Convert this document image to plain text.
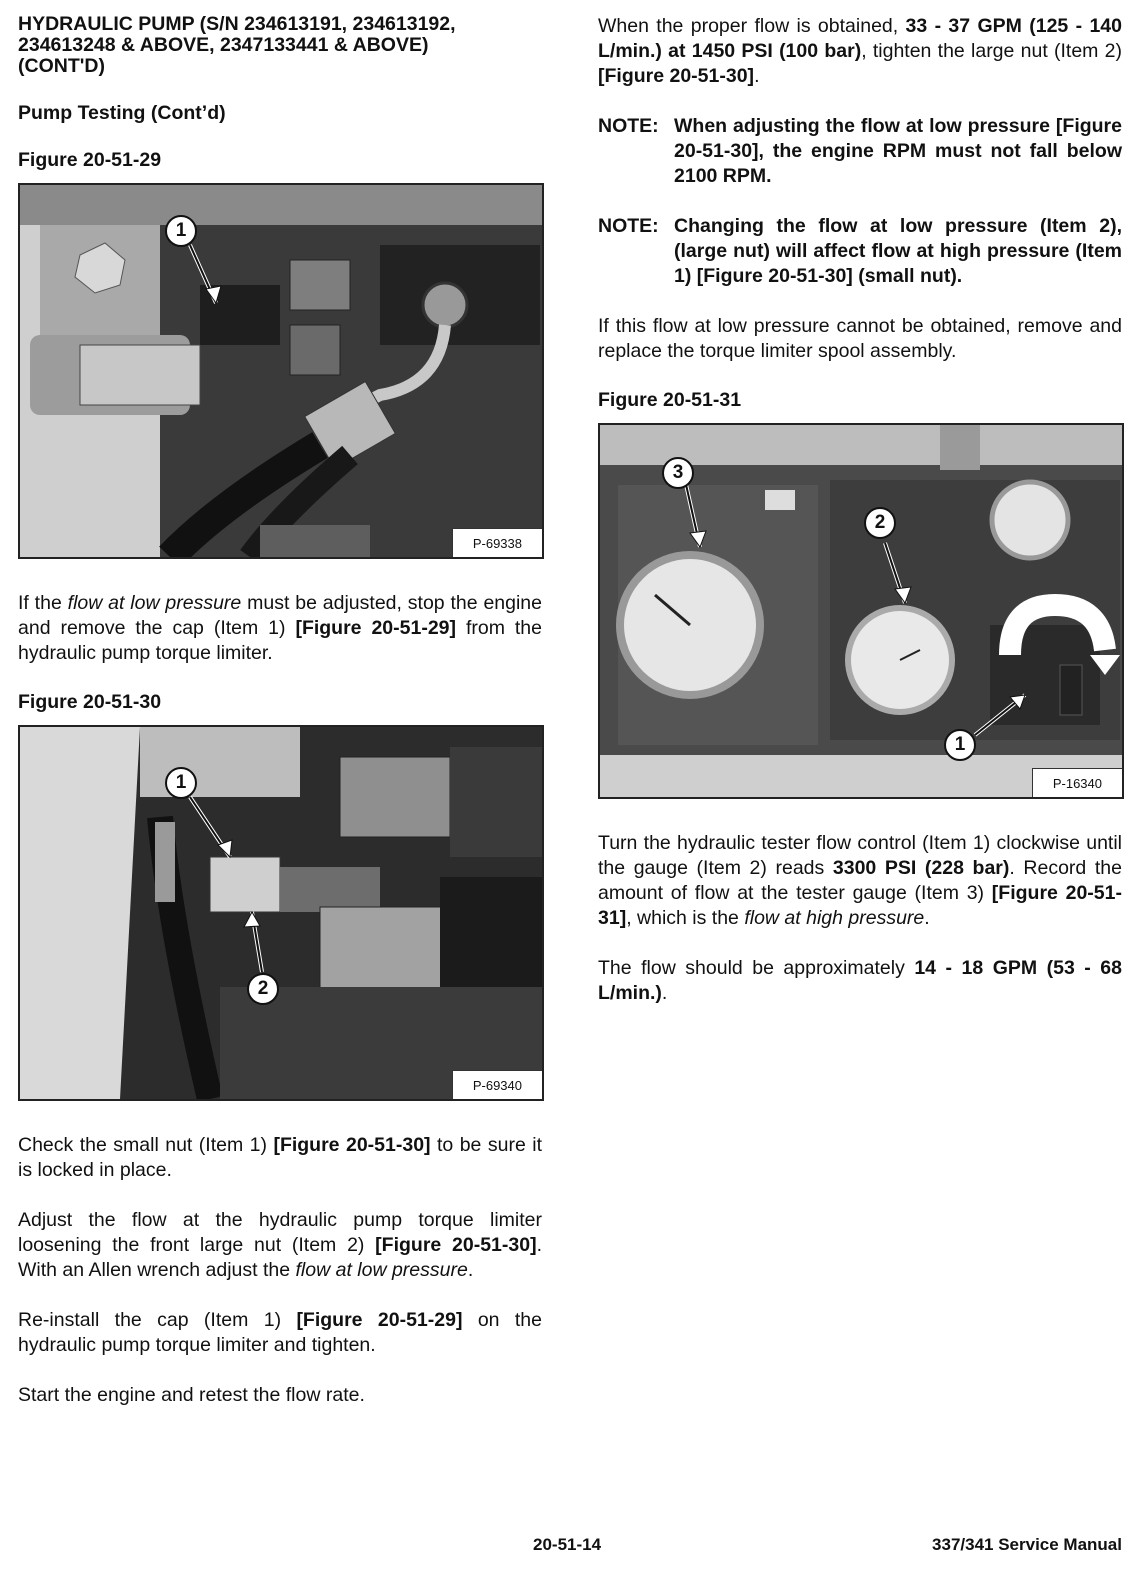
HYDRAULIC PUMP (S/N 234613191, 234613192,
234613248 & ABOVE, 2347133441 & ABOVE)
(CONT'D)

Pump Testing (Cont’d)

Figure 20-51-29

1
P-69338

If the flow at low pressure must be adjusted, stop the engine and remove the cap (Item 1) [Figure 20-51-29] from the hydraulic pump torque limiter.

Figure 20-51-30

1
2
P-69340

Check the small nut (Item 1) [Figure 20-51-30] to be sure it is locked in place.

Adjust the flow at the hydraulic pump torque limiter loosening the front large nut (Item 2) [Figure 20-51-30]. With an Allen wrench adjust the flow at low pressure.

Re-install the cap (Item 1) [Figure 20-51-29] on the hydraulic pump torque limiter and tighten.

Start the engine and retest the flow rate.

When the proper flow is obtained, 33 - 37 GPM (125 - 140 L/min.) at 1450 PSI (100 bar), tighten the large nut (Item 2) [Figure 20-51-30].

NOTE: When adjusting the flow at low pressure [Figure 20-51-30], the engine RPM must not fall below 2100 RPM.
NOTE: Changing the flow at low pressure (Item 2), (large nut) will affect flow at high pressure (Item 1) [Figure 20-51-30] (small nut).

If this flow at low pressure cannot be obtained, remove and replace the torque limiter spool assembly.

Figure 20-51-31

3
2
1
P-16340

Turn the hydraulic tester flow control (Item 1) clockwise until the gauge (Item 2) reads 3300 PSI (228 bar). Record the amount of flow at the tester gauge (Item 3) [Figure 20-51-31], which is the flow at high pressure.

The flow should be approximately 14 - 18 GPM (53 - 68 L/min.).

20-51-14	337/341 Service Manual
